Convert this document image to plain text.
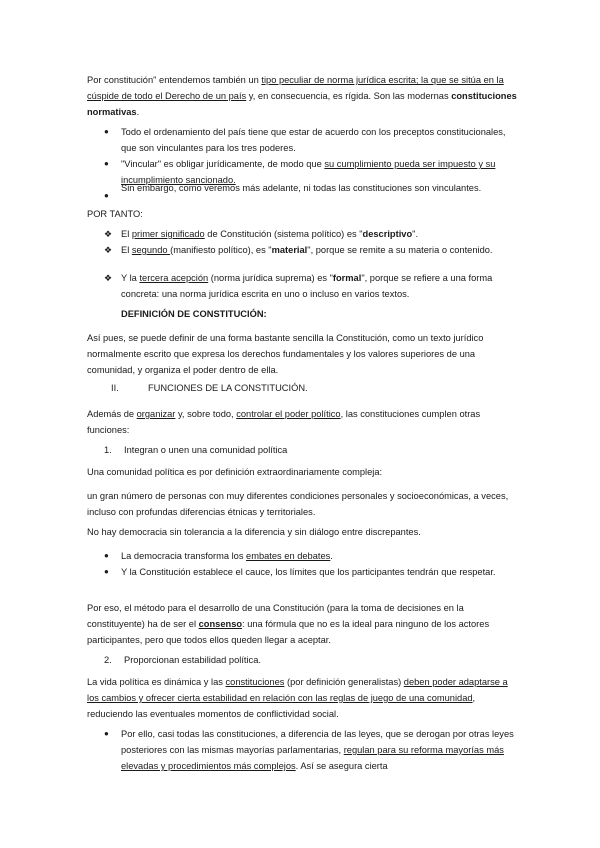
Por constitución" entendemos también un tipo peculiar de norma jurídica escrita; la que se sitúa en la cúspide de todo el Derecho de un país y, en consecuencia, es rígida. Son las modernas constituciones normativas.

● Todo el ordenamiento del país tiene que estar de acuerdo con los preceptos constitucionales, que son vinculantes para los tres poderes.

● "Vincular" es obligar jurídicamente, de modo que su cumplimiento pueda ser impuesto y su incumplimiento sancionado.

●

Sin embargo, como veremos más adelante, ni todas las constituciones son vinculantes.

POR TANTO:

❖ El primer significado de Constitución (sistema político) es "descriptivo".

❖ El segundo (manifiesto político), es "material", porque se remite a su materia o contenido.

❖ Y la tercera acepción (norma jurídica suprema) es "formal", porque se refiere a una forma concreta: una norma jurídica escrita en uno o incluso en varios textos.

DEFINICIÓN DE CONSTITUCIÓN:

Así pues, se puede definir de una forma bastante sencilla la Constitución, como un texto jurídico normalmente escrito que expresa los derechos fundamentales y los valores superiores de una comunidad, y organiza el poder dentro de ella.

II.	FUNCIONES DE LA CONSTITUCIÓN.

Además de organizar y, sobre todo, controlar el poder político, las constituciones cumplen otras funciones:

1. Integran o unen una comunidad política

Una comunidad política es por definición extraordinariamente compleja:

un gran número de personas con muy diferentes condiciones personales y socioeconómicas, a veces, incluso con profundas diferencias étnicas y territoriales.

No hay democracia sin tolerancia a la diferencia y sin diálogo entre discrepantes.

● La democracia transforma los embates en debates.

● Y la Constitución establece el cauce, los límites que los participantes tendrán que respetar.

Por eso, el método para el desarrollo de una Constitución (para la toma de decisiones en la constituyente) ha de ser el consenso: una fórmula que no es la ideal para ninguno de los actores participantes, pero que todos ellos queden llegar a aceptar.

2. Proporcionan estabilidad política.

La vida política es dinámica y las constituciones (por definición generalistas) deben poder adaptarse a los cambios y ofrecer cierta estabilidad en relación con las reglas de juego de una comunidad, reduciendo las eventuales momentos de conflictividad social.

● Por ello, casi todas las constituciones, a diferencia de las leyes, que se derogan por otras leyes posteriores con las mismas mayorías parlamentarias, regulan para su reforma mayorías más elevadas y procedimientos más complejos. Así se asegura cierta
